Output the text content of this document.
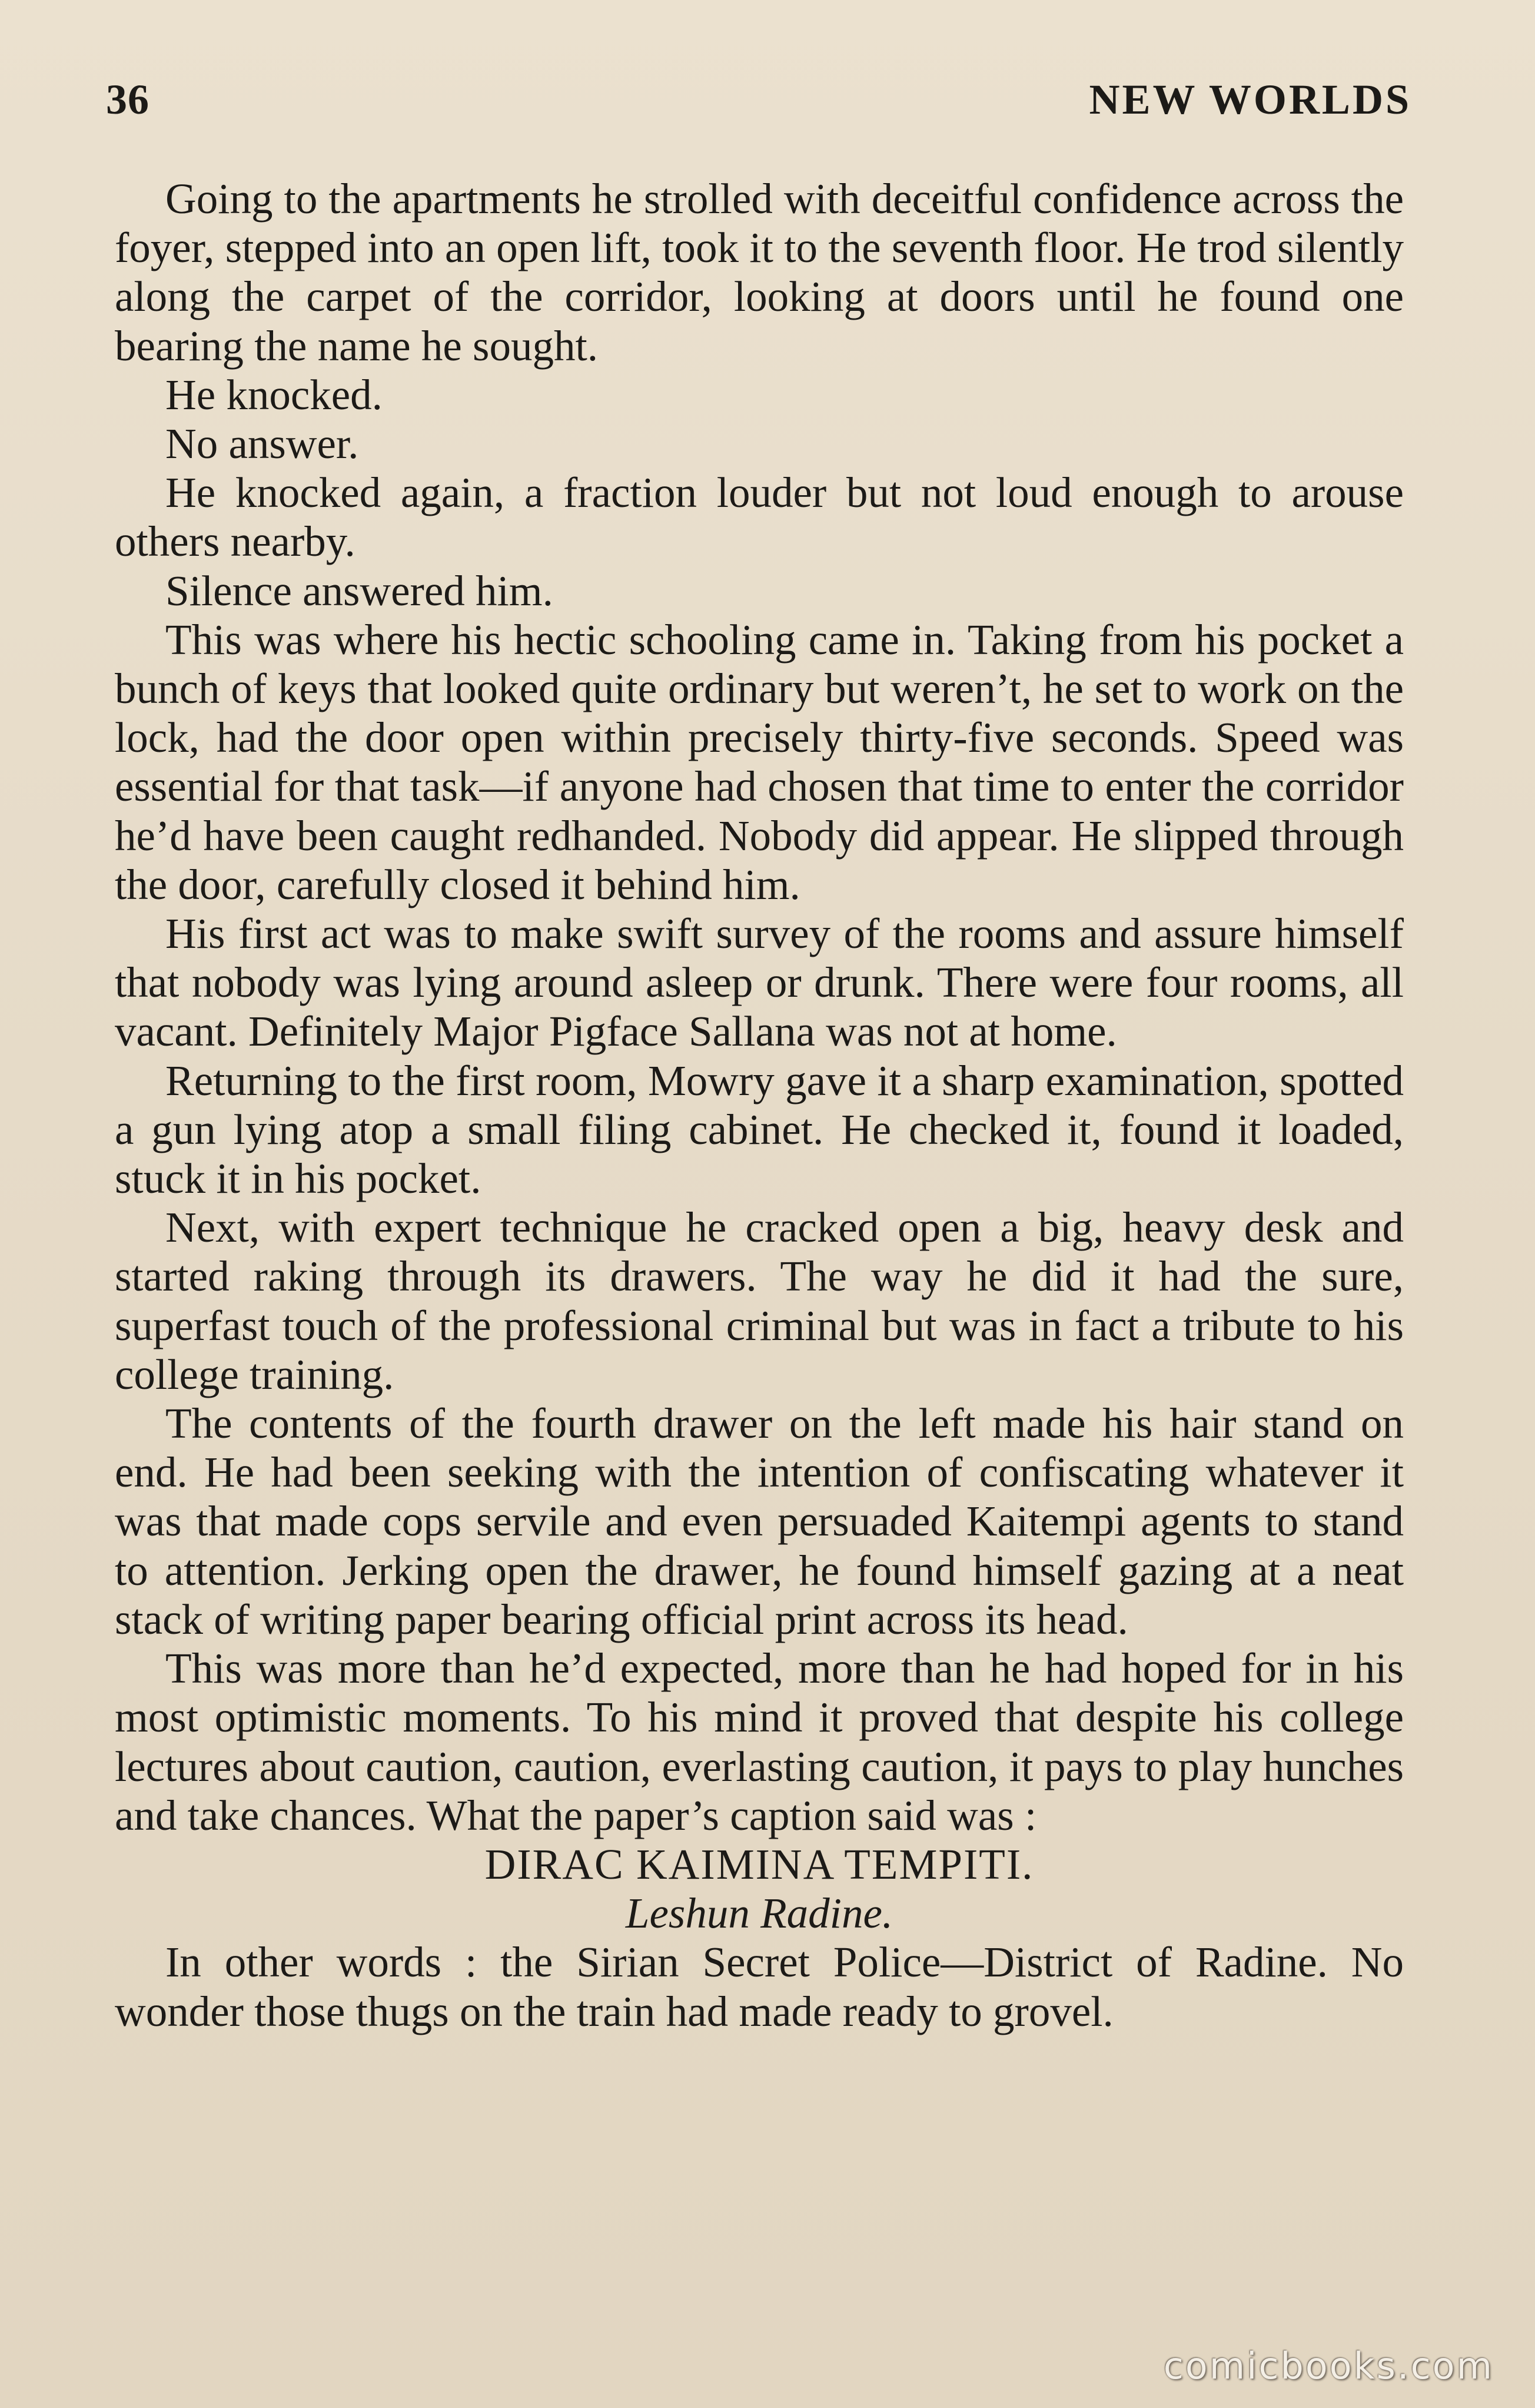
36	NEW WORLDS

Going to the apartments he strolled with deceitful confidence across the foyer, stepped into an open lift, took it to the seventh floor. He trod silently along the carpet of the corridor, looking at doors until he found one bearing the name he sought.

He knocked.

No answer.

He knocked again, a fraction louder but not loud enough to arouse others nearby.

Silence answered him.

This was where his hectic schooling came in. Taking from his pocket a bunch of keys that looked quite ordinary but weren’t, he set to work on the lock, had the door open within precisely thirty-five seconds. Speed was essential for that task—if anyone had chosen that time to enter the corridor he’d have been caught redhanded. Nobody did appear. He slipped through the door, carefully closed it behind him.

His first act was to make swift survey of the rooms and assure himself that nobody was lying around asleep or drunk. There were four rooms, all vacant. Definitely Major Pigface Sallana was not at home.

Returning to the first room, Mowry gave it a sharp examination, spotted a gun lying atop a small filing cabinet. He checked it, found it loaded, stuck it in his pocket.

Next, with expert technique he cracked open a big, heavy desk and started raking through its drawers. The way he did it had the sure, superfast touch of the professional criminal but was in fact a tribute to his college training.

The contents of the fourth drawer on the left made his hair stand on end. He had been seeking with the intention of confiscating whatever it was that made cops servile and even persuaded Kaitempi agents to stand to attention. Jerking open the drawer, he found himself gazing at a neat stack of writing paper bearing official print across its head.

This was more than he’d expected, more than he had hoped for in his most optimistic moments. To his mind it proved that despite his college lectures about caution, caution, everlasting caution, it pays to play hunches and take chances. What the paper’s caption said was :

DIRAC KAIMINA TEMPITI.

Leshun Radine.

In other words : the Sirian Secret Police—District of Radine. No wonder those thugs on the train had made ready to grovel.

comicbooks.com
